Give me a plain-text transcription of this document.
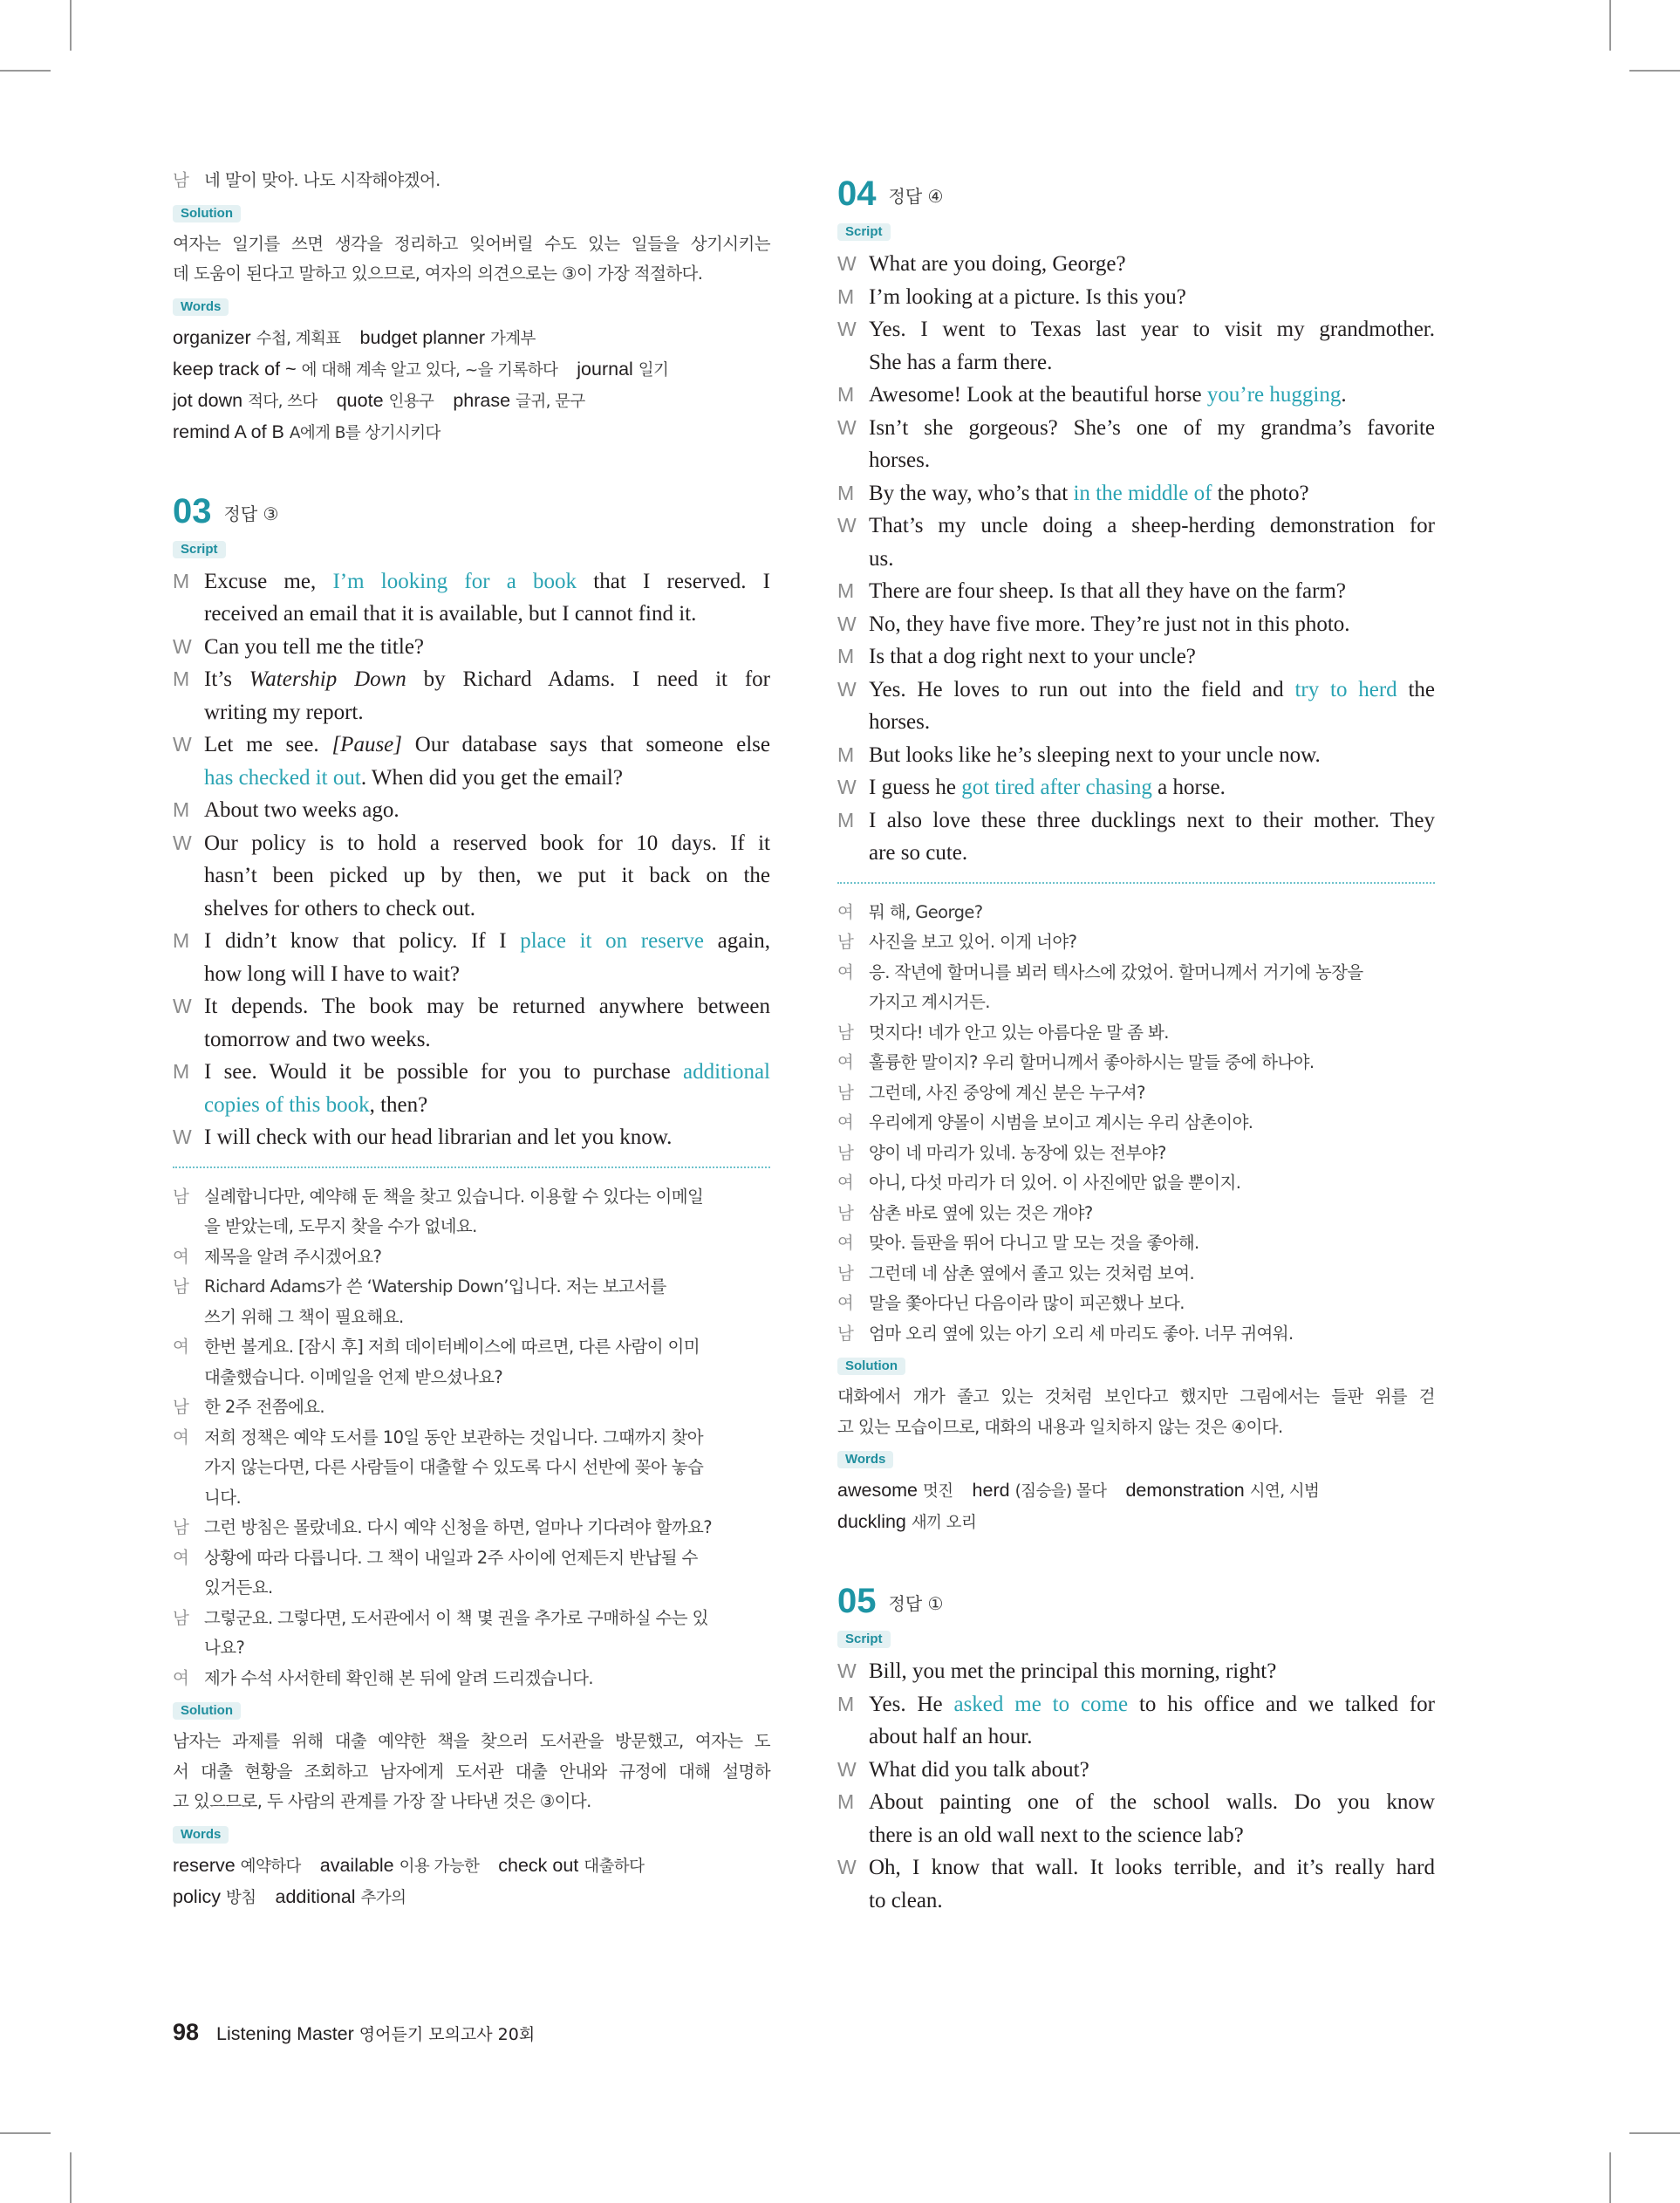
남 네 말이 맞아. 나도 시작해야겠어.
Solution
여자는 일기를 쓰면 생각을 정리하고 잊어버릴 수도 있는 일들을 상기시키는
데 도움이 된다고 말하고 있으므로, 여자의 의견으로는 ③이 가장 적절하다.
Words
organizer 수첩, 계획표 budget planner 가계부
keep track of ~ 에 대해 계속 알고 있다, ~을 기록하다 journal 일기
jot down 적다, 쓰다 quote 인용구 phrase 글귀, 문구
remind A of B A에게 B를 상기시키다
03 정답 ③
Script
M Excuse me, I’m looking for a book that I reserved. I
received an email that it is available, but I cannot find it.
W Can you tell me the title?
M It’s Watership Down by Richard Adams. I need it for
writing my report.
W Let me see. [Pause] Our database says that someone else
has checked it out. When did you get the email?
M About two weeks ago.
W Our policy is to hold a reserved book for 10 days. If it
hasn’t been picked up by then, we put it back on the
shelves for others to check out.
M I didn’t know that policy. If I place it on reserve again,
how long will I have to wait?
W It depends. The book may be returned anywhere between
tomorrow and two weeks.
M I see. Would it be possible for you to purchase additional
copies of this book, then?
W I will check with our head librarian and let you know.
남 실례합니다만, 예약해 둔 책을 찾고 있습니다. 이용할 수 있다는 이메일
을 받았는데, 도무지 찾을 수가 없네요.
여 제목을 알려 주시겠어요?
남 Richard Adams가 쓴 ‘Watership Down’입니다. 저는 보고서를
쓰기 위해 그 책이 필요해요.
여 한번 볼게요. [잠시 후] 저희 데이터베이스에 따르면, 다른 사람이 이미
대출했습니다. 이메일을 언제 받으셨나요?
남 한 2주 전쯤에요.
여 저희 정책은 예약 도서를 10일 동안 보관하는 것입니다. 그때까지 찾아
가지 않는다면, 다른 사람들이 대출할 수 있도록 다시 선반에 꽂아 놓습
니다.
남 그런 방침은 몰랐네요. 다시 예약 신청을 하면, 얼마나 기다려야 할까요?
여 상황에 따라 다릅니다. 그 책이 내일과 2주 사이에 언제든지 반납될 수
있거든요.
남 그렇군요. 그렇다면, 도서관에서 이 책 몇 권을 추가로 구매하실 수는 있
나요?
여 제가 수석 사서한테 확인해 본 뒤에 알려 드리겠습니다.
Solution
남자는 과제를 위해 대출 예약한 책을 찾으러 도서관을 방문했고, 여자는 도
서 대출 현황을 조회하고 남자에게 도서관 대출 안내와 규정에 대해 설명하
고 있으므로, 두 사람의 관계를 가장 잘 나타낸 것은 ③이다.
Words
reserve 예약하다 available 이용 가능한 check out 대출하다
policy 방침 additional 추가의
04 정답 ④
Script
W What are you doing, George?
M I’m looking at a picture. Is this you?
W Yes. I went to Texas last year to visit my grandmother.
She has a farm there.
M Awesome! Look at the beautiful horse you’re hugging.
W Isn’t she gorgeous? She’s one of my grandma’s favorite
horses.
M By the way, who’s that in the middle of the photo?
W That’s my uncle doing a sheep-herding demonstration for
us.
M There are four sheep. Is that all they have on the farm?
W No, they have five more. They’re just not in this photo.
M Is that a dog right next to your uncle?
W Yes. He loves to run out into the field and try to herd the
horses.
M But looks like he’s sleeping next to your uncle now.
W I guess he got tired after chasing a horse.
M I also love these three ducklings next to their mother. They
are so cute.
여 뭐 해, George?
남 사진을 보고 있어. 이게 너야?
여 응. 작년에 할머니를 뵈러 텍사스에 갔었어. 할머니께서 거기에 농장을
가지고 계시거든.
남 멋지다! 네가 안고 있는 아름다운 말 좀 봐.
여 훌륭한 말이지? 우리 할머니께서 좋아하시는 말들 중에 하나야.
남 그런데, 사진 중앙에 계신 분은 누구셔?
여 우리에게 양몰이 시범을 보이고 계시는 우리 삼촌이야.
남 양이 네 마리가 있네. 농장에 있는 전부야?
여 아니, 다섯 마리가 더 있어. 이 사진에만 없을 뿐이지.
남 삼촌 바로 옆에 있는 것은 개야?
여 맞아. 들판을 뛰어 다니고 말 모는 것을 좋아해.
남 그런데 네 삼촌 옆에서 졸고 있는 것처럼 보여.
여 말을 쫓아다닌 다음이라 많이 피곤했나 보다.
남 엄마 오리 옆에 있는 아기 오리 세 마리도 좋아. 너무 귀여워.
Solution
대화에서 개가 졸고 있는 것처럼 보인다고 했지만 그림에서는 들판 위를 걷
고 있는 모습이므로, 대화의 내용과 일치하지 않는 것은 ④이다.
Words
awesome 멋진 herd (짐승을) 몰다 demonstration 시연, 시범
duckling 새끼 오리
05 정답 ①
Script
W Bill, you met the principal this morning, right?
M Yes. He asked me to come to his office and we talked for
about half an hour.
W What did you talk about?
M About painting one of the school walls. Do you know
there is an old wall next to the science lab?
W Oh, I know that wall. It looks terrible, and it’s really hard
to clean.
98 Listening Master 영어듣기 모의고사 20회
